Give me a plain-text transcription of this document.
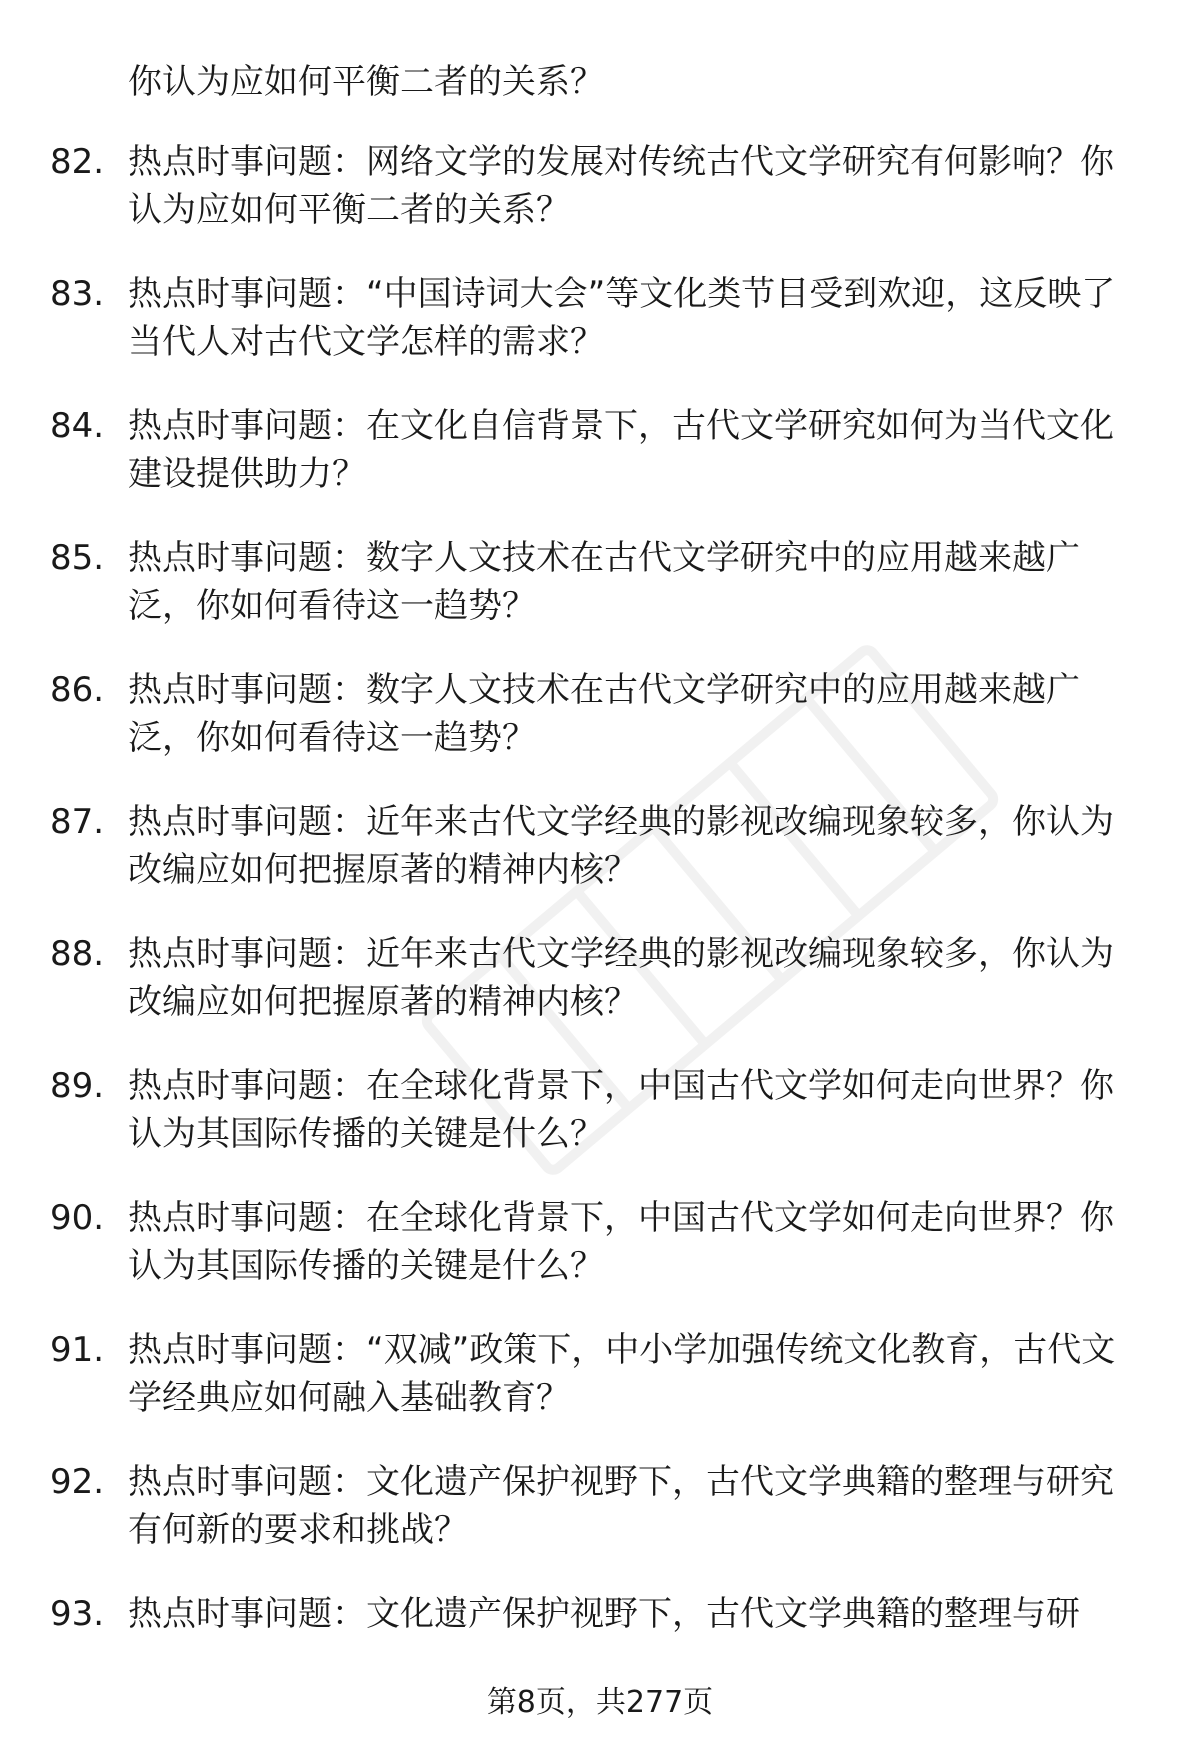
你认为应如何平衡二者的关系？
82. 热点时事问题：网络文学的发展对传统古代文学研究有何影响？你认为应如何平衡二者的关系？
83. 热点时事问题：“中国诗词大会”等文化类节目受到欢迎，这反映了当代人对古代文学怎样的需求？
84. 热点时事问题：在文化自信背景下，古代文学研究如何为当代文化建设提供助力？
85. 热点时事问题：数字人文技术在古代文学研究中的应用越来越广泛，你如何看待这一趋势？
86. 热点时事问题：数字人文技术在古代文学研究中的应用越来越广泛，你如何看待这一趋势？
87. 热点时事问题：近年来古代文学经典的影视改编现象较多，你认为改编应如何把握原著的精神内核？
88. 热点时事问题：近年来古代文学经典的影视改编现象较多，你认为改编应如何把握原著的精神内核？
89. 热点时事问题：在全球化背景下，中国古代文学如何走向世界？你认为其国际传播的关键是什么？
90. 热点时事问题：在全球化背景下，中国古代文学如何走向世界？你认为其国际传播的关键是什么？
91. 热点时事问题：“双减”政策下，中小学加强传统文化教育，古代文学经典应如何融入基础教育？
92. 热点时事问题：文化遗产保护视野下，古代文学典籍的整理与研究有何新的要求和挑战？
93. 热点时事问题：文化遗产保护视野下，古代文学典籍的整理与研
第8页，共277页
